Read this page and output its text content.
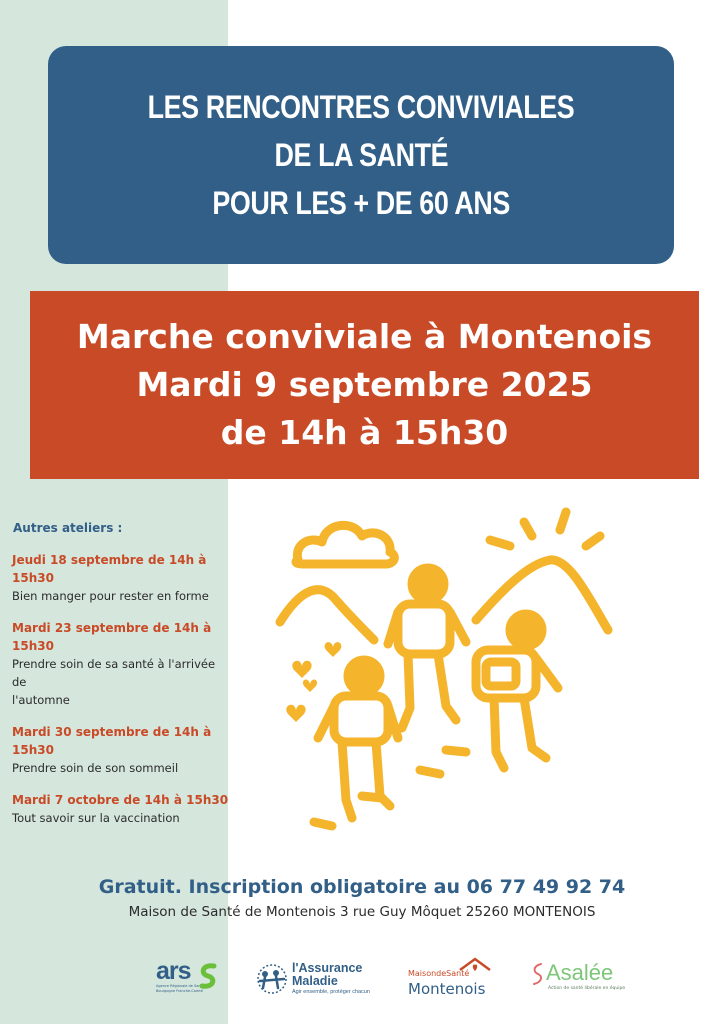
LES RENCONTRES CONVIVIALES
DE LA SANTÉ
POUR LES + DE 60 ANS
Marche conviviale à Montenois
Mardi 9 septembre 2025
de 14h à 15h30
Autres ateliers :
Jeudi 18 septembre de 14h à
15h30
Bien manger pour rester en forme
Mardi 23 septembre de 14h à
15h30
Prendre soin de sa santé à l'arrivée de
l'automne
Mardi 30 septembre de 14h à
15h30
Prendre soin de son sommeil
Mardi 7 octobre de 14h à 15h30
Tout savoir sur la vaccination
Gratuit. Inscription obligatoire au 06 77 49 92 74
Maison de Santé de Montenois 3 rue Guy Môquet 25260 MONTENOIS
ars
Agence Régionale de Santé
Bourgogne Franche-Comté
l'Assurance
Maladie
Agir ensemble, protéger chacun
MaisondeSanté
Montenois
Asalée
Action de santé libérale en équipe
